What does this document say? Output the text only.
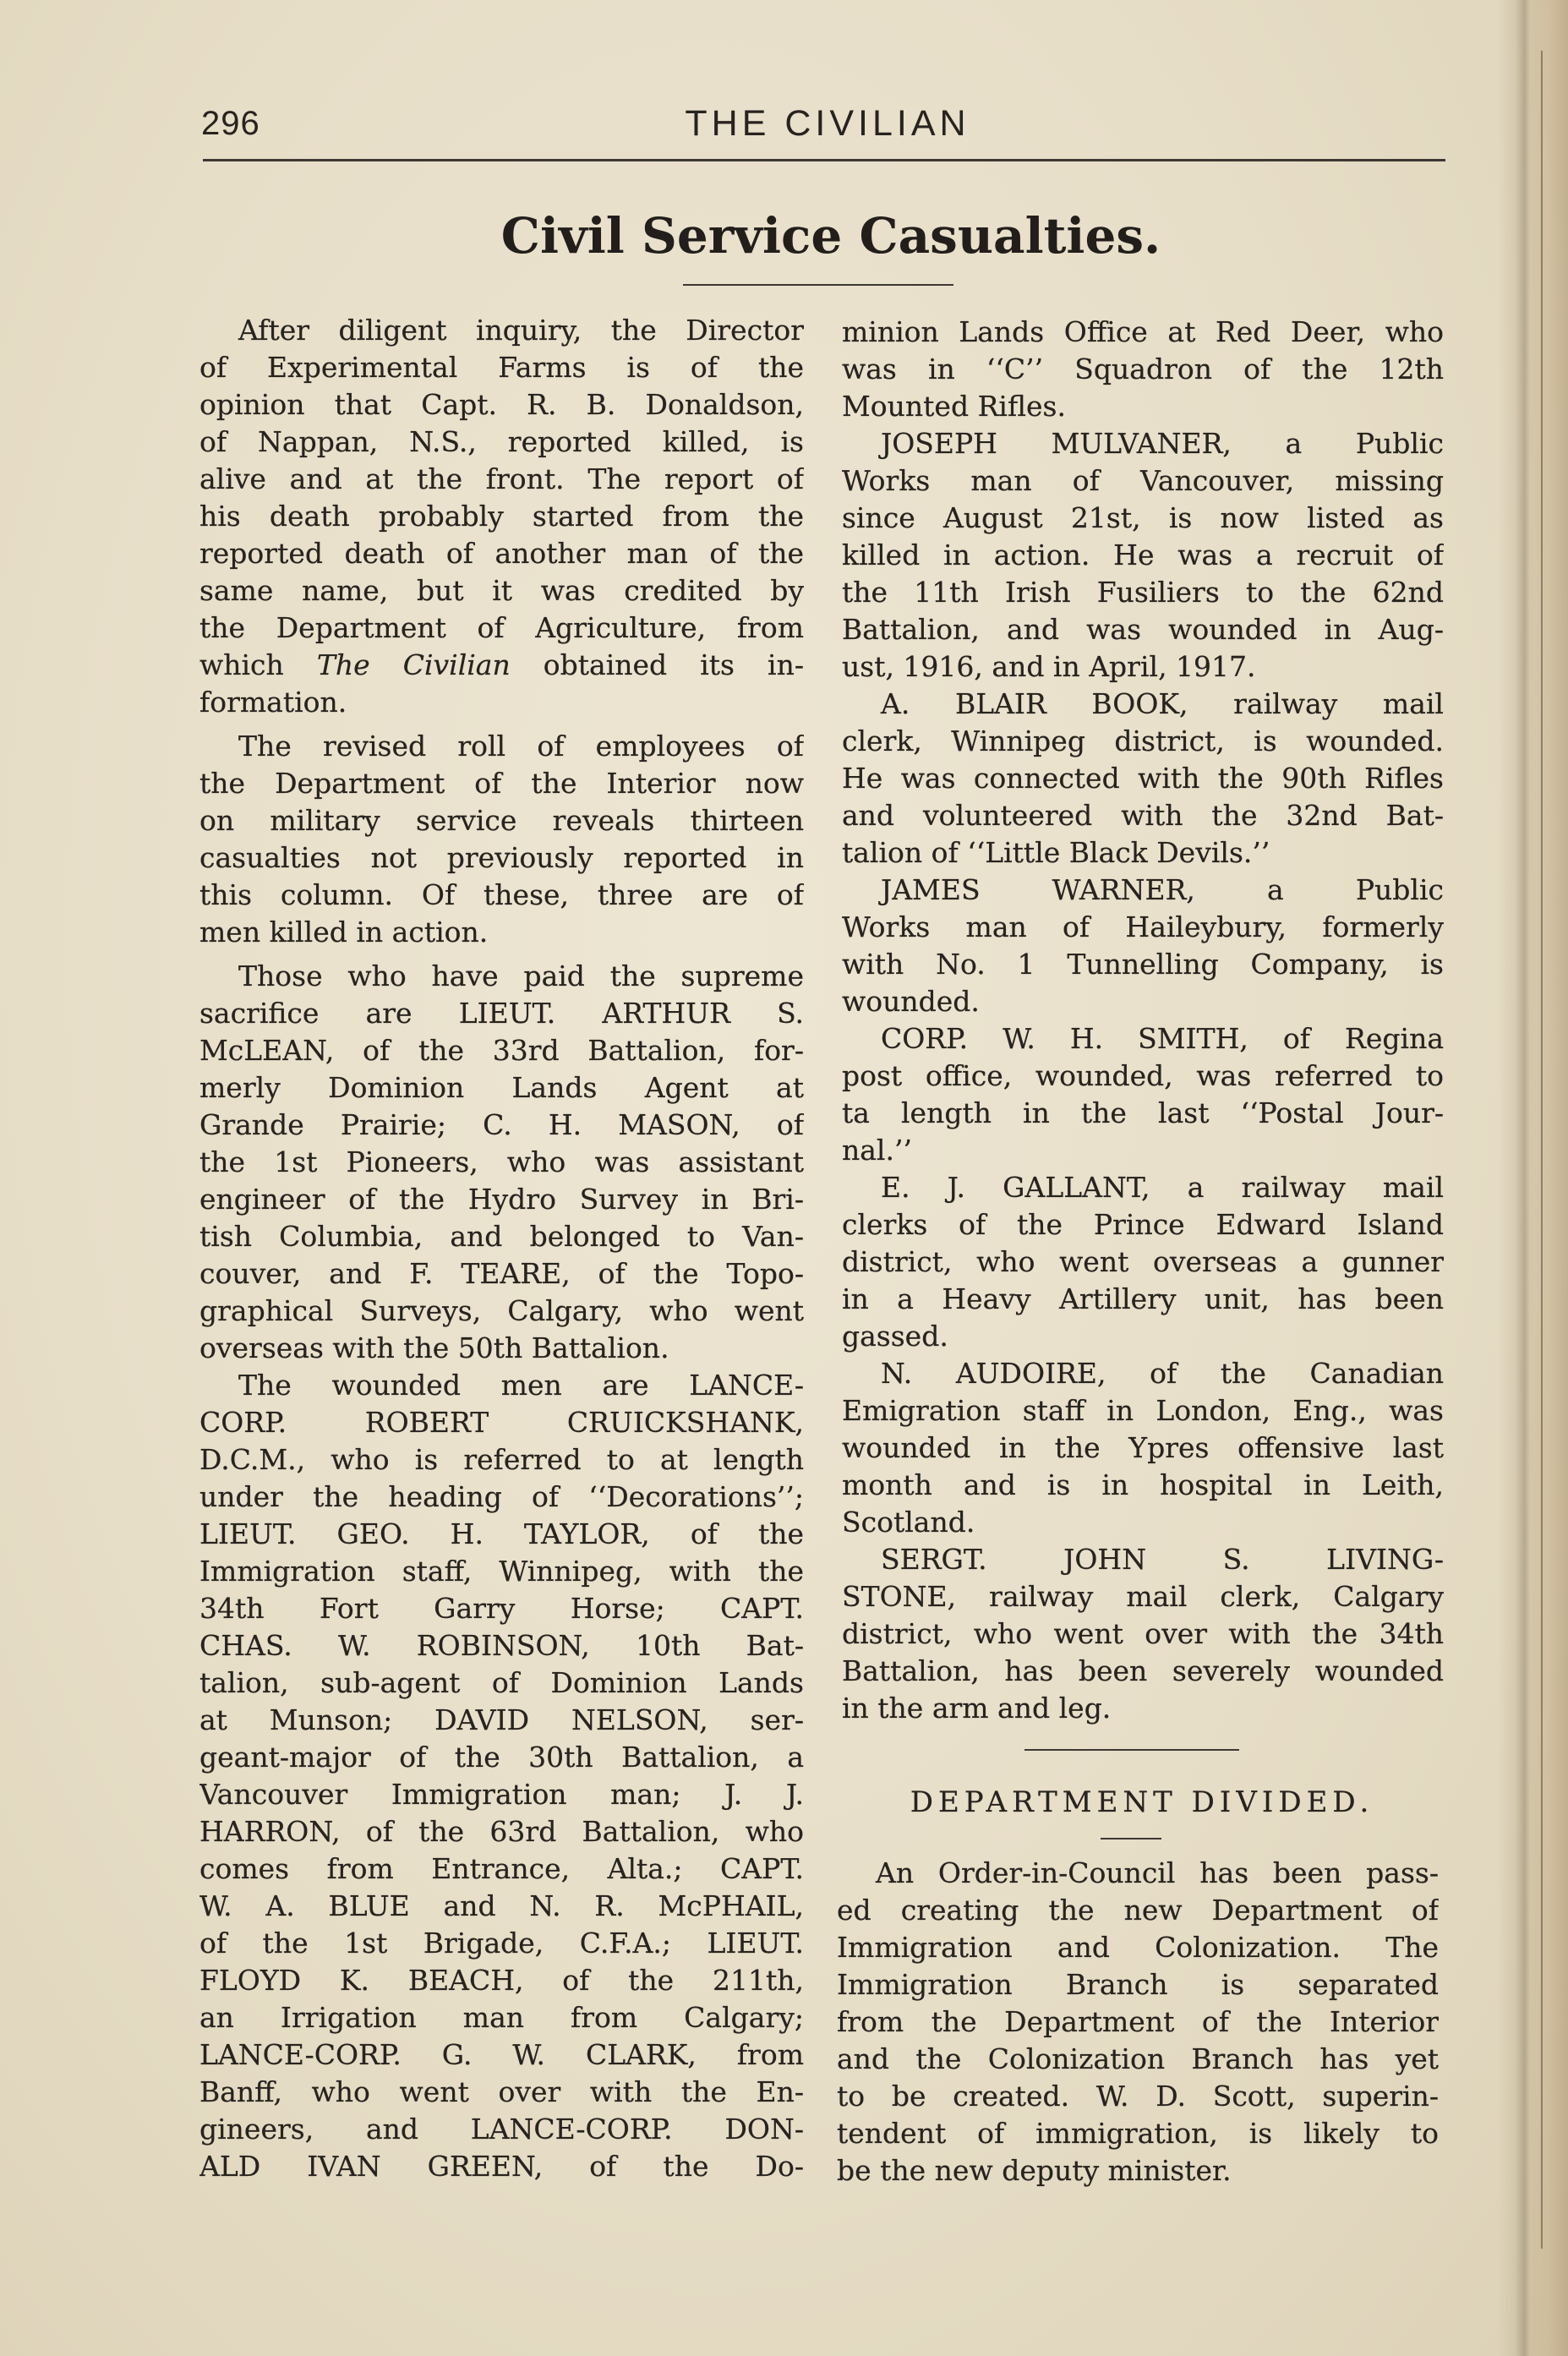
296	THE CIVILIAN
Civil Service Casualties.
After diligent inquiry, the Director
of Experimental Farms is of the
opinion that Capt. R. B. Donaldson,
of Nappan, N.S., reported killed, is
alive and at the front. The report of
his death probably started from the
reported death of another man of the
same name, but it was credited by
the Department of Agriculture, from
which The Civilian obtained its in-
formation.
The revised roll of employees of
the Department of the Interior now
on military service reveals thirteen
casualties not previously reported in
this column. Of these, three are of
men killed in action.
Those who have paid the supreme
sacrifice are LIEUT. ARTHUR S.
McLEAN, of the 33rd Battalion, for-
merly Dominion Lands Agent at
Grande Prairie; C. H. MASON, of
the 1st Pioneers, who was assistant
engineer of the Hydro Survey in Bri-
tish Columbia, and belonged to Van-
couver, and F. TEARE, of the Topo-
graphical Surveys, Calgary, who went
overseas with the 50th Battalion.
The wounded men are LANCE-
CORP. ROBERT CRUICKSHANK,
D.C.M., who is referred to at length
under the heading of ‘‘Decorations’’;
LIEUT. GEO. H. TAYLOR, of the
Immigration staff, Winnipeg, with the
34th Fort Garry Horse; CAPT.
CHAS. W. ROBINSON, 10th Bat-
talion, sub-agent of Dominion Lands
at Munson; DAVID NELSON, ser-
geant-major of the 30th Battalion, a
Vancouver Immigration man; J. J.
HARRON, of the 63rd Battalion, who
comes from Entrance, Alta.; CAPT.
W. A. BLUE and N. R. McPHAIL,
of the 1st Brigade, C.F.A.; LIEUT.
FLOYD K. BEACH, of the 211th,
an Irrigation man from Calgary;
LANCE-CORP. G. W. CLARK, from
Banff, who went over with the En-
gineers, and LANCE-CORP. DON-
ALD IVAN GREEN, of the Do-
minion Lands Office at Red Deer, who
was in ‘‘C’’ Squadron of the 12th
Mounted Rifles.
JOSEPH MULVANER, a Public
Works man of Vancouver, missing
since August 21st, is now listed as
killed in action. He was a recruit of
the 11th Irish Fusiliers to the 62nd
Battalion, and was wounded in Aug-
ust, 1916, and in April, 1917.
A. BLAIR BOOK, railway mail
clerk, Winnipeg district, is wounded.
He was connected with the 90th Rifles
and volunteered with the 32nd Bat-
talion of ‘‘Little Black Devils.’’
JAMES WARNER, a Public
Works man of Haileybury, formerly
with No. 1 Tunnelling Company, is
wounded.
CORP. W. H. SMITH, of Regina
post office, wounded, was referred to
ta length in the last ‘‘Postal Jour-
nal.’’
E. J. GALLANT, a railway mail
clerks of the Prince Edward Island
district, who went overseas a gunner
in a Heavy Artillery unit, has been
gassed.
N. AUDOIRE, of the Canadian
Emigration staff in London, Eng., was
wounded in the Ypres offensive last
month and is in hospital in Leith,
Scotland.
SERGT. JOHN S. LIVING-
STONE, railway mail clerk, Calgary
district, who went over with the 34th
Battalion, has been severely wounded
in the arm and leg.
DEPARTMENT DIVIDED.
An Order-in-Council has been pass-
ed creating the new Department of
Immigration and Colonization. The
Immigration Branch is separated
from the Department of the Interior
and the Colonization Branch has yet
to be created. W. D. Scott, superin-
tendent of immigration, is likely to
be the new deputy minister.
